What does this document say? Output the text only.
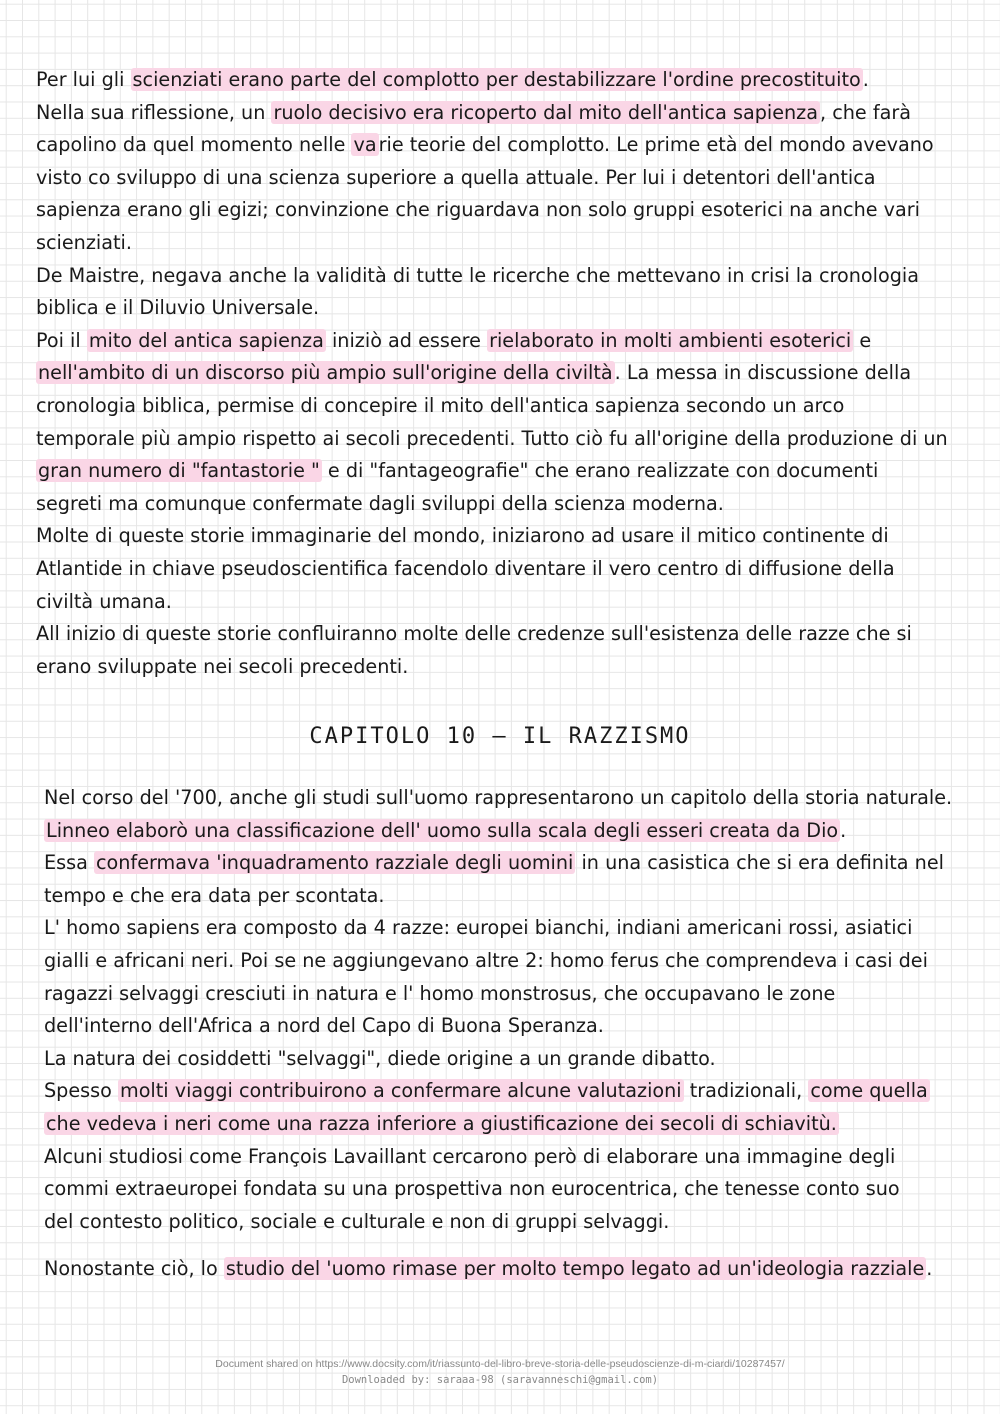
Per lui gli scienziati erano parte del complotto per destabilizzare l'ordine precostituito .
Nella sua riflessione, un ruolo decisivo era ricoperto dal mito dell'antica sapienza , che farà
capolino da quel momento nelle va rie teorie del complotto. Le prime età del mondo avevano
visto co sviluppo di una scienza superiore a quella attuale. Per lui i detentori dell'antica
sapienza erano gli egizi; convinzione che riguardava non solo gruppi esoterici na anche vari
scienziati.
De Maistre, negava anche la validità di tutte le ricerche che mettevano in crisi la cronologia
biblica e il Diluvio Universale.
Poi il mito del antica sapienza iniziò ad essere rielaborato in molti ambienti esoterici e
nell'ambito di un discorso più ampio sull'origine della civiltà . La messa in discussione della
cronologia biblica, permise di concepire il mito dell'antica sapienza secondo un arco
temporale più ampio rispetto ai secoli precedenti. Tutto ciò fu all'origine della produzione di un
gran numero di "fantastorie " e di "fantageografie" che erano realizzate con documenti
segreti ma comunque confermate dagli sviluppi della scienza moderna.
Molte di queste storie immaginarie del mondo, iniziarono ad usare il mitico continente di
Atlantide in chiave pseudoscientifica facendolo diventare il vero centro di diffusione della
civiltà umana.
All inizio di queste storie confluiranno molte delle credenze sull'esistenza delle razze che si
erano sviluppate nei secoli precedenti.
CAPITOLO 10 — IL RAZZISMO
Nel corso del '700, anche gli studi sull'uomo rappresentarono un capitolo della storia naturale.
Linneo elaborò una classificazione dell' uomo sulla scala degli esseri creata da Dio .
Essa confermava 'inquadramento razziale degli uomini in una casistica che si era definita nel
tempo e che era data per scontata.
L' homo sapiens era composto da 4 razze: europei bianchi, indiani americani rossi, asiatici
gialli e africani neri. Poi se ne aggiungevano altre 2: homo ferus che comprendeva i casi dei
ragazzi selvaggi cresciuti in natura e l' homo monstrosus, che occupavano le zone
dell'interno dell'Africa a nord del Capo di Buona Speranza.
La natura dei cosiddetti "selvaggi", diede origine a un grande dibatto.
Spesso molti viaggi contribuirono a confermare alcune valutazioni tradizionali, come quella
che vedeva i neri come una razza inferiore a giustificazione dei secoli di schiavitù.
Alcuni studiosi come François Lavaillant cercarono però di elaborare una immagine degli
commi extraeuropei fondata su una prospettiva non eurocentrica, che tenesse conto suo
del contesto politico, sociale e culturale e non di gruppi selvaggi.
Nonostante ciò, lo studio del 'uomo rimase per molto tempo legato ad un'ideologia razziale .
Document shared on https://www.docsity.com/it/riassunto-del-libro-breve-storia-delle-pseudoscienze-di-m-ciardi/10287457/
Downloaded by: saraaa-98 (saravanneschi@gmail.com)
